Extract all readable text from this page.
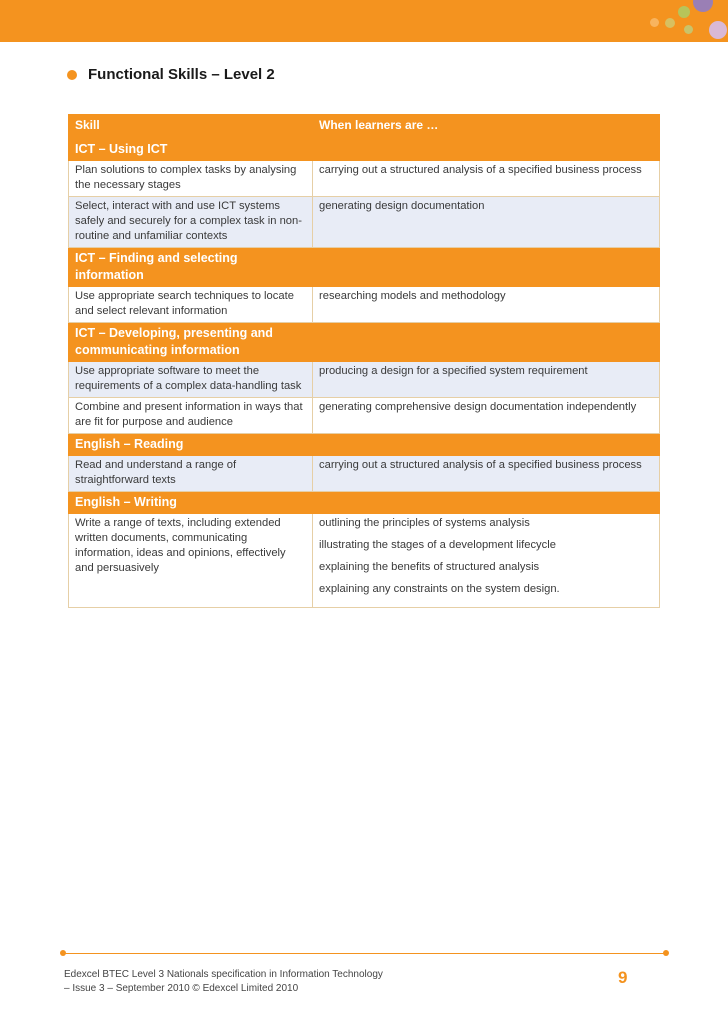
Functional Skills – Level 2
Skill	When learners are …
ICT – Using ICT	
Plan solutions to complex tasks by analysing the necessary stages	carrying out a structured analysis of a specified business process

Select, interact with and use ICT systems safely and securely for a complex task in non-routine and unfamiliar contexts	generating design documentation

ICT – Finding and selecting information	
Use appropriate search techniques to locate and select relevant information	researching models and methodology

ICT – Developing, presenting and communicating information	
Use appropriate software to meet the requirements of a complex data-handling task	producing a design for a specified system requirement

Combine and present information in ways that are fit for purpose and audience	generating comprehensive design documentation independently

English – Reading	
Read and understand a range of straightforward texts	carrying out a structured analysis of a specified business process

English – Writing	
Write a range of texts, including extended written documents, communicating information, ideas and opinions, effectively and persuasively	outlining the principles of systems analysis
illustrating the stages of a development lifecycle
explaining the benefits of structured analysis
explaining any constraints on the system design.
Edexcel BTEC Level 3 Nationals specification in Information Technology
– Issue 3 – September 2010 © Edexcel Limited 2010
9
